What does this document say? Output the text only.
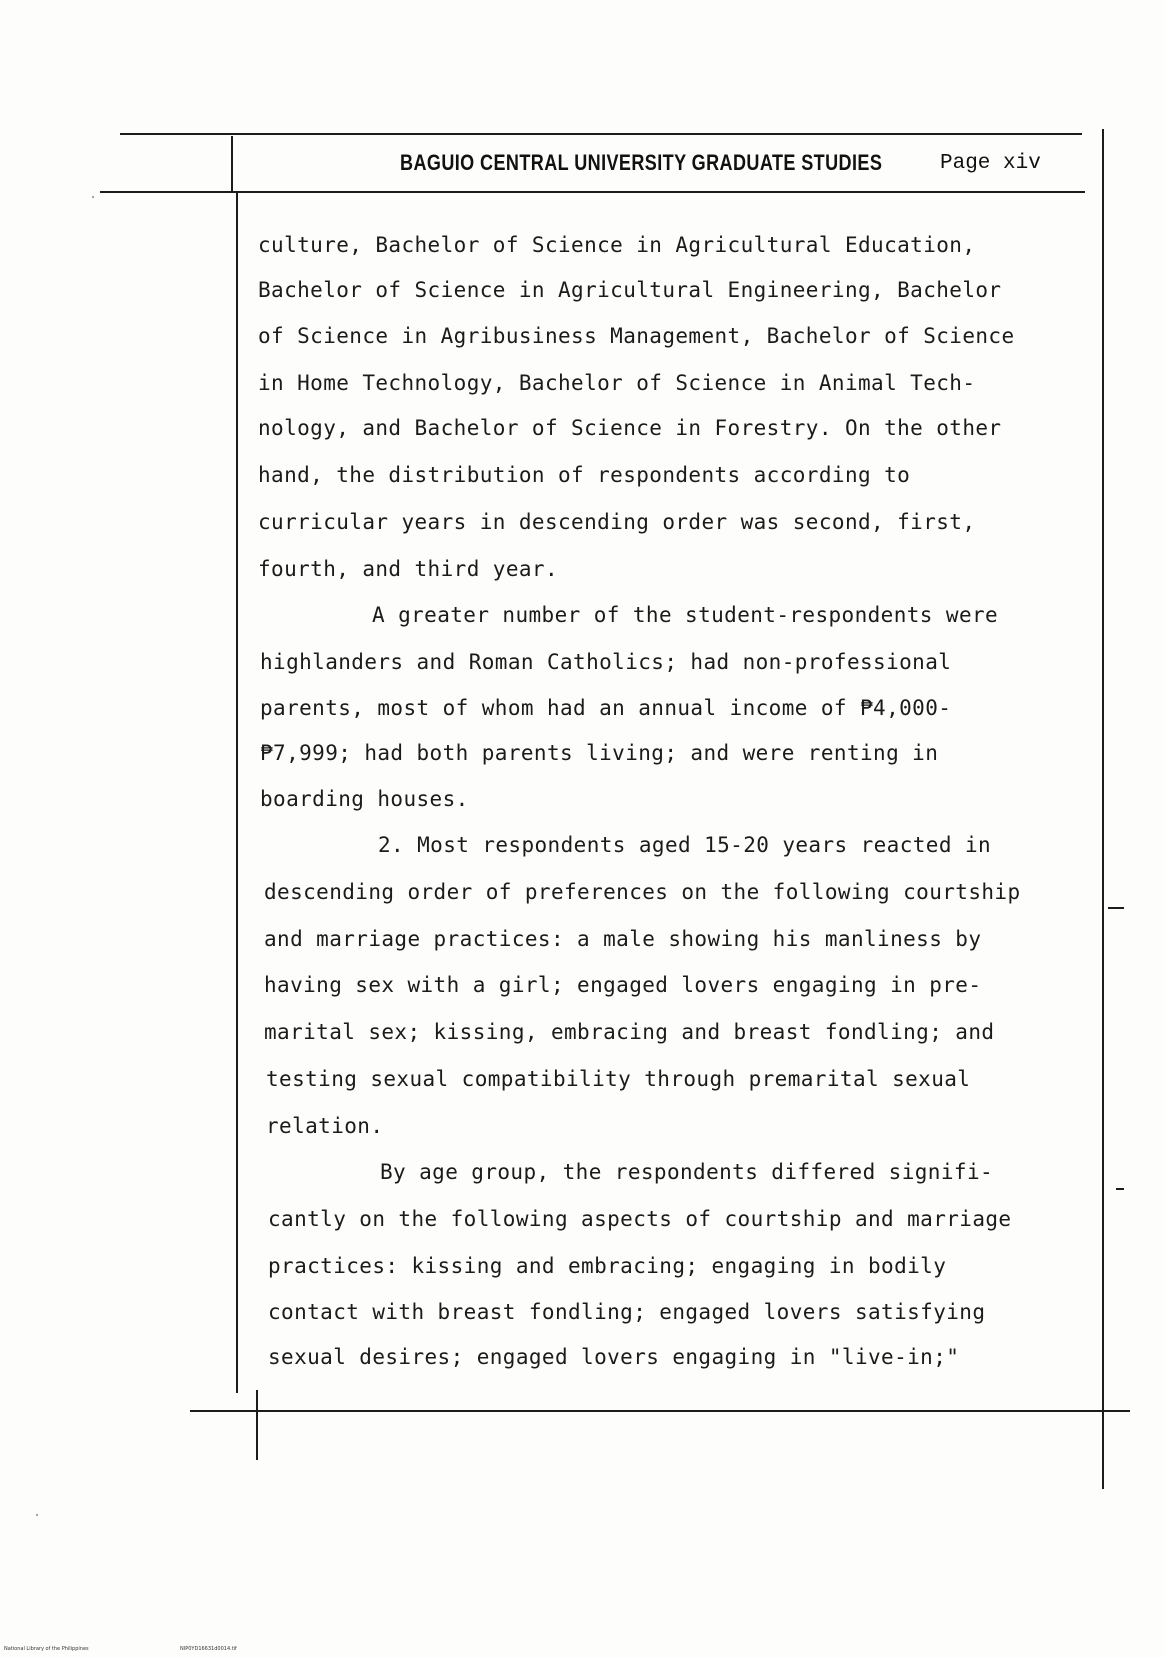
BAGUIO CENTRAL UNIVERSITY GRADUATE STUDIES	Page xiv
culture, Bachelor of Science in Agricultural Education,
Bachelor of Science in Agricultural Engineering, Bachelor
of Science in Agribusiness Management, Bachelor of Science
in Home Technology, Bachelor of Science in Animal Tech-
nology, and Bachelor of Science in Forestry. On the other
hand, the distribution of respondents according to
curricular years in descending order was second, first,
fourth, and third year.
A greater number of the student-respondents were
highlanders and Roman Catholics; had non-professional
parents, most of whom had an annual income of ₱4,000-
₱7,999; had both parents living; and were renting in
boarding houses.
2. Most respondents aged 15-20 years reacted in
descending order of preferences on the following courtship
and marriage practices: a male showing his manliness by
having sex with a girl; engaged lovers engaging in pre-
marital sex; kissing, embracing and breast fondling; and
testing sexual compatibility through premarital sexual
relation.
By age group, the respondents differed signifi-
cantly on the following aspects of courtship and marriage
practices: kissing and embracing; engaging in bodily
contact with breast fondling; engaged lovers satisfying
sexual desires; engaged lovers engaging in "live-in;"
National Library of the Philippines	NIP0YD16631d0014.tif
